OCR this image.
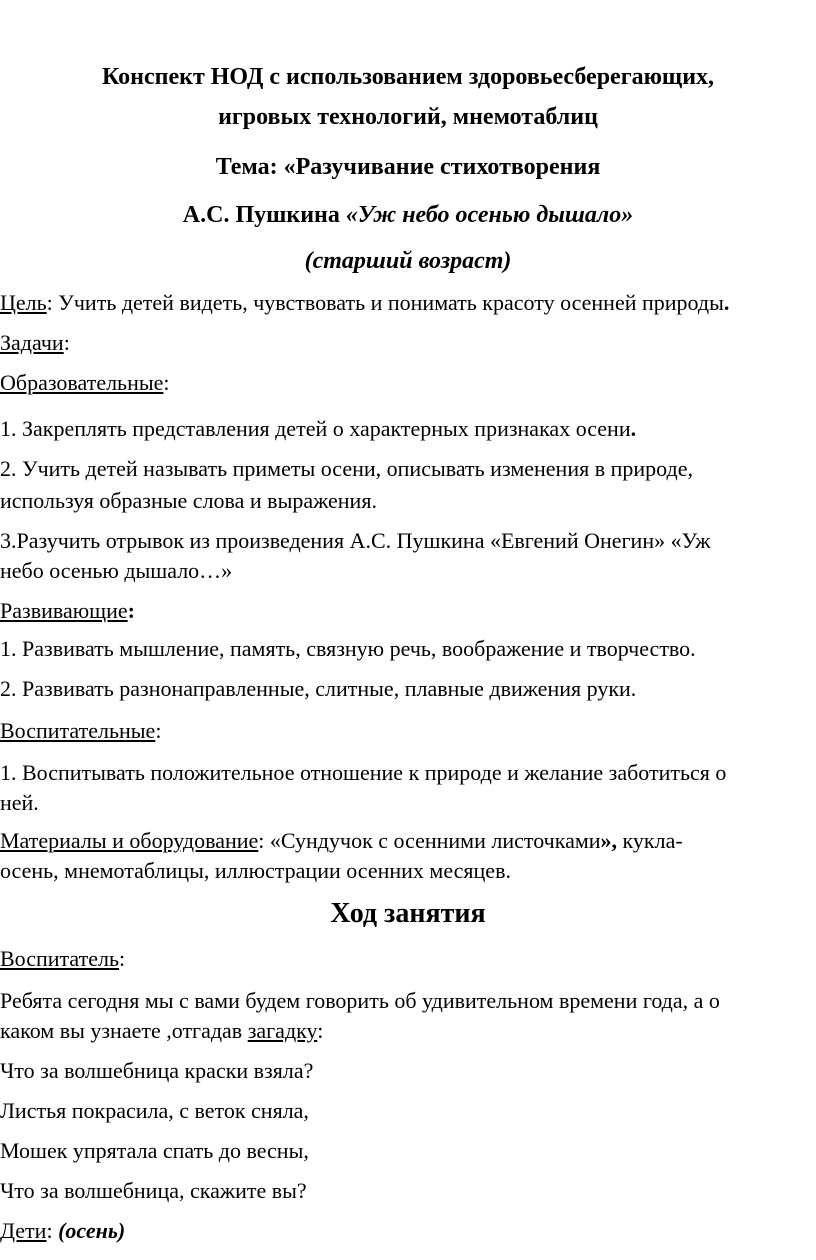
Конспект НОД с использованием здоровьесберегающих,

игровых технологий, мнемотаблиц

Тема: «Разучивание стихотворения

А.С. Пушкина «Уж небо осенью дышало»

(старший возраст)

Цель: Учить детей видеть, чувствовать и понимать красоту осенней природы.

Задачи:

Образовательные:

1. Закреплять представления детей о характерных признаках осени.

2. Учить детей называть приметы осени, описывать изменения в природе,

используя образные слова и выражения.

3.Разучить отрывок из произведения А.С. Пушкина «Евгений Онегин» «Уж

небо осенью дышало…»

Развивающие:

1. Развивать мышление, память, связную речь, воображение и творчество.

2. Развивать разнонаправленные, слитные, плавные движения руки.

Воспитательные:

1. Воспитывать положительное отношение к природе и желание заботиться о

ней.

Материалы и оборудование: «Сундучок с осенними листочками», кукла-

осень, мнемотаблицы, иллюстрации осенних месяцев.

Ход занятия

Воспитатель:

Ребята сегодня мы с вами будем говорить об удивительном времени года, а о

каком вы узнаете ,отгадав загадку:

Что за волшебница краски взяла?

Листья покрасила, с веток сняла,

Мошек упрятала спать до весны,

Что за волшебница, скажите вы?

Дети: (осень)
